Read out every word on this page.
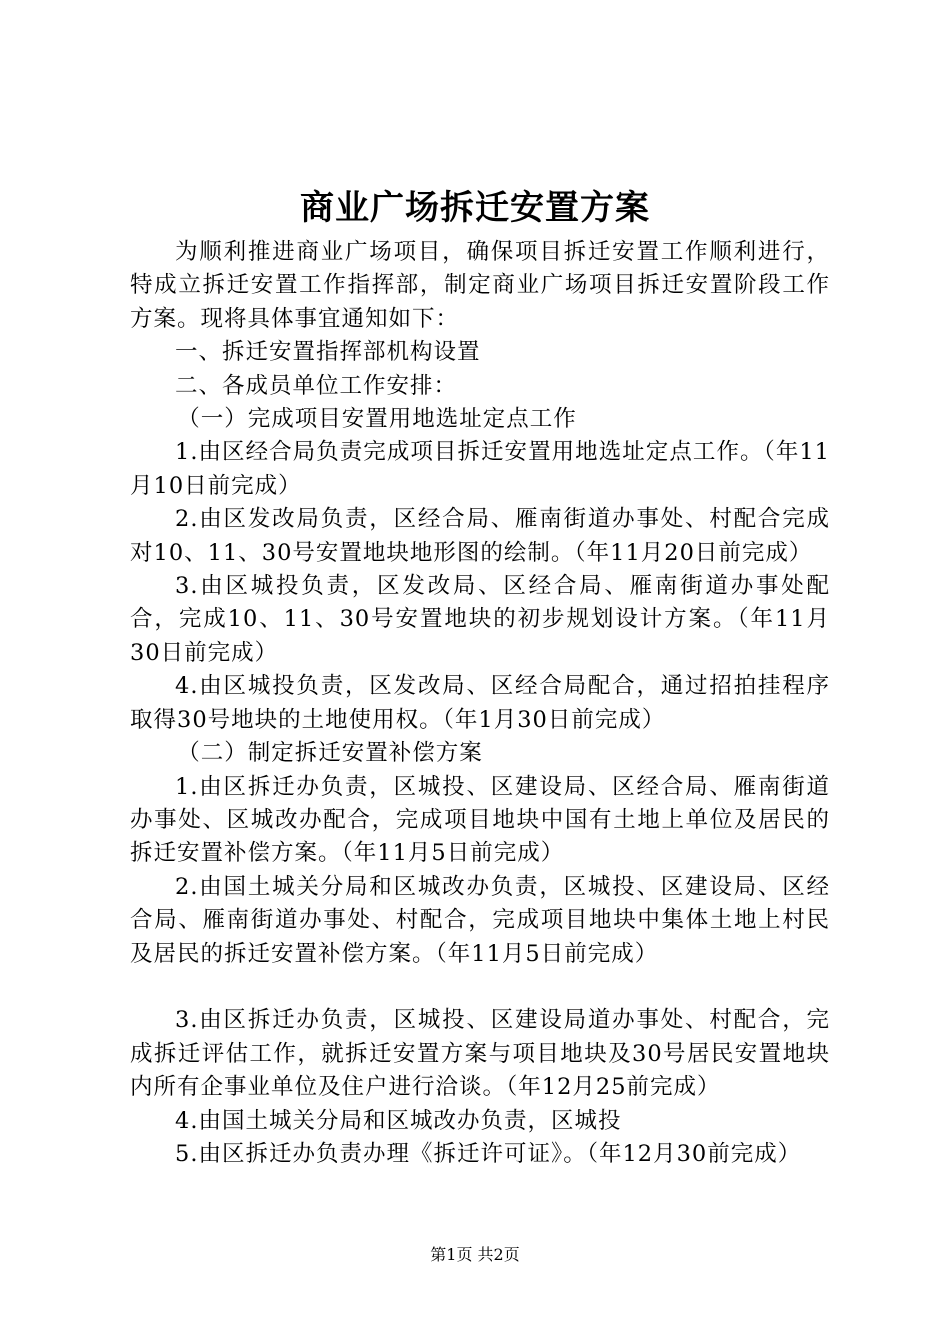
商业广场拆迁安置方案

为顺利推进商业广场项目，确保项目拆迁安置工作顺利进行，特成立拆迁安置工作指挥部，制定商业广场项目拆迁安置阶段工作方案。现将具体事宜通知如下：

一、拆迁安置指挥部机构设置

二、各成员单位工作安排：

（一）完成项目安置用地选址定点工作

1.由区经合局负责完成项目拆迁安置用地选址定点工作。（年11月10日前完成）

2.由区发改局负责，区经合局、雁南街道办事处、村配合完成对10、11、30号安置地块地形图的绘制。（年11月20日前完成）

3.由区城投负责，区发改局、区经合局、雁南街道办事处配合，完成10、11、30号安置地块的初步规划设计方案。（年11月30日前完成）

4.由区城投负责，区发改局、区经合局配合，通过招拍挂程序取得30号地块的土地使用权。（年1月30日前完成）

（二）制定拆迁安置补偿方案

1.由区拆迁办负责，区城投、区建设局、区经合局、雁南街道办事处、区城改办配合，完成项目地块中国有土地上单位及居民的拆迁安置补偿方案。（年11月5日前完成）

2.由国土城关分局和区城改办负责，区城投、区建设局、区经合局、雁南街道办事处、村配合，完成项目地块中集体土地上村民及居民的拆迁安置补偿方案。（年11月5日前完成）

3.由区拆迁办负责，区城投、区建设局道办事处、村配合，完成拆迁评估工作，就拆迁安置方案与项目地块及30号居民安置地块内所有企事业单位及住户进行洽谈。（年12月25前完成）

4.由国土城关分局和区城改办负责，区城投

5.由区拆迁办负责办理《拆迁许可证》。（年12月30前完成）

第1页 共2页
